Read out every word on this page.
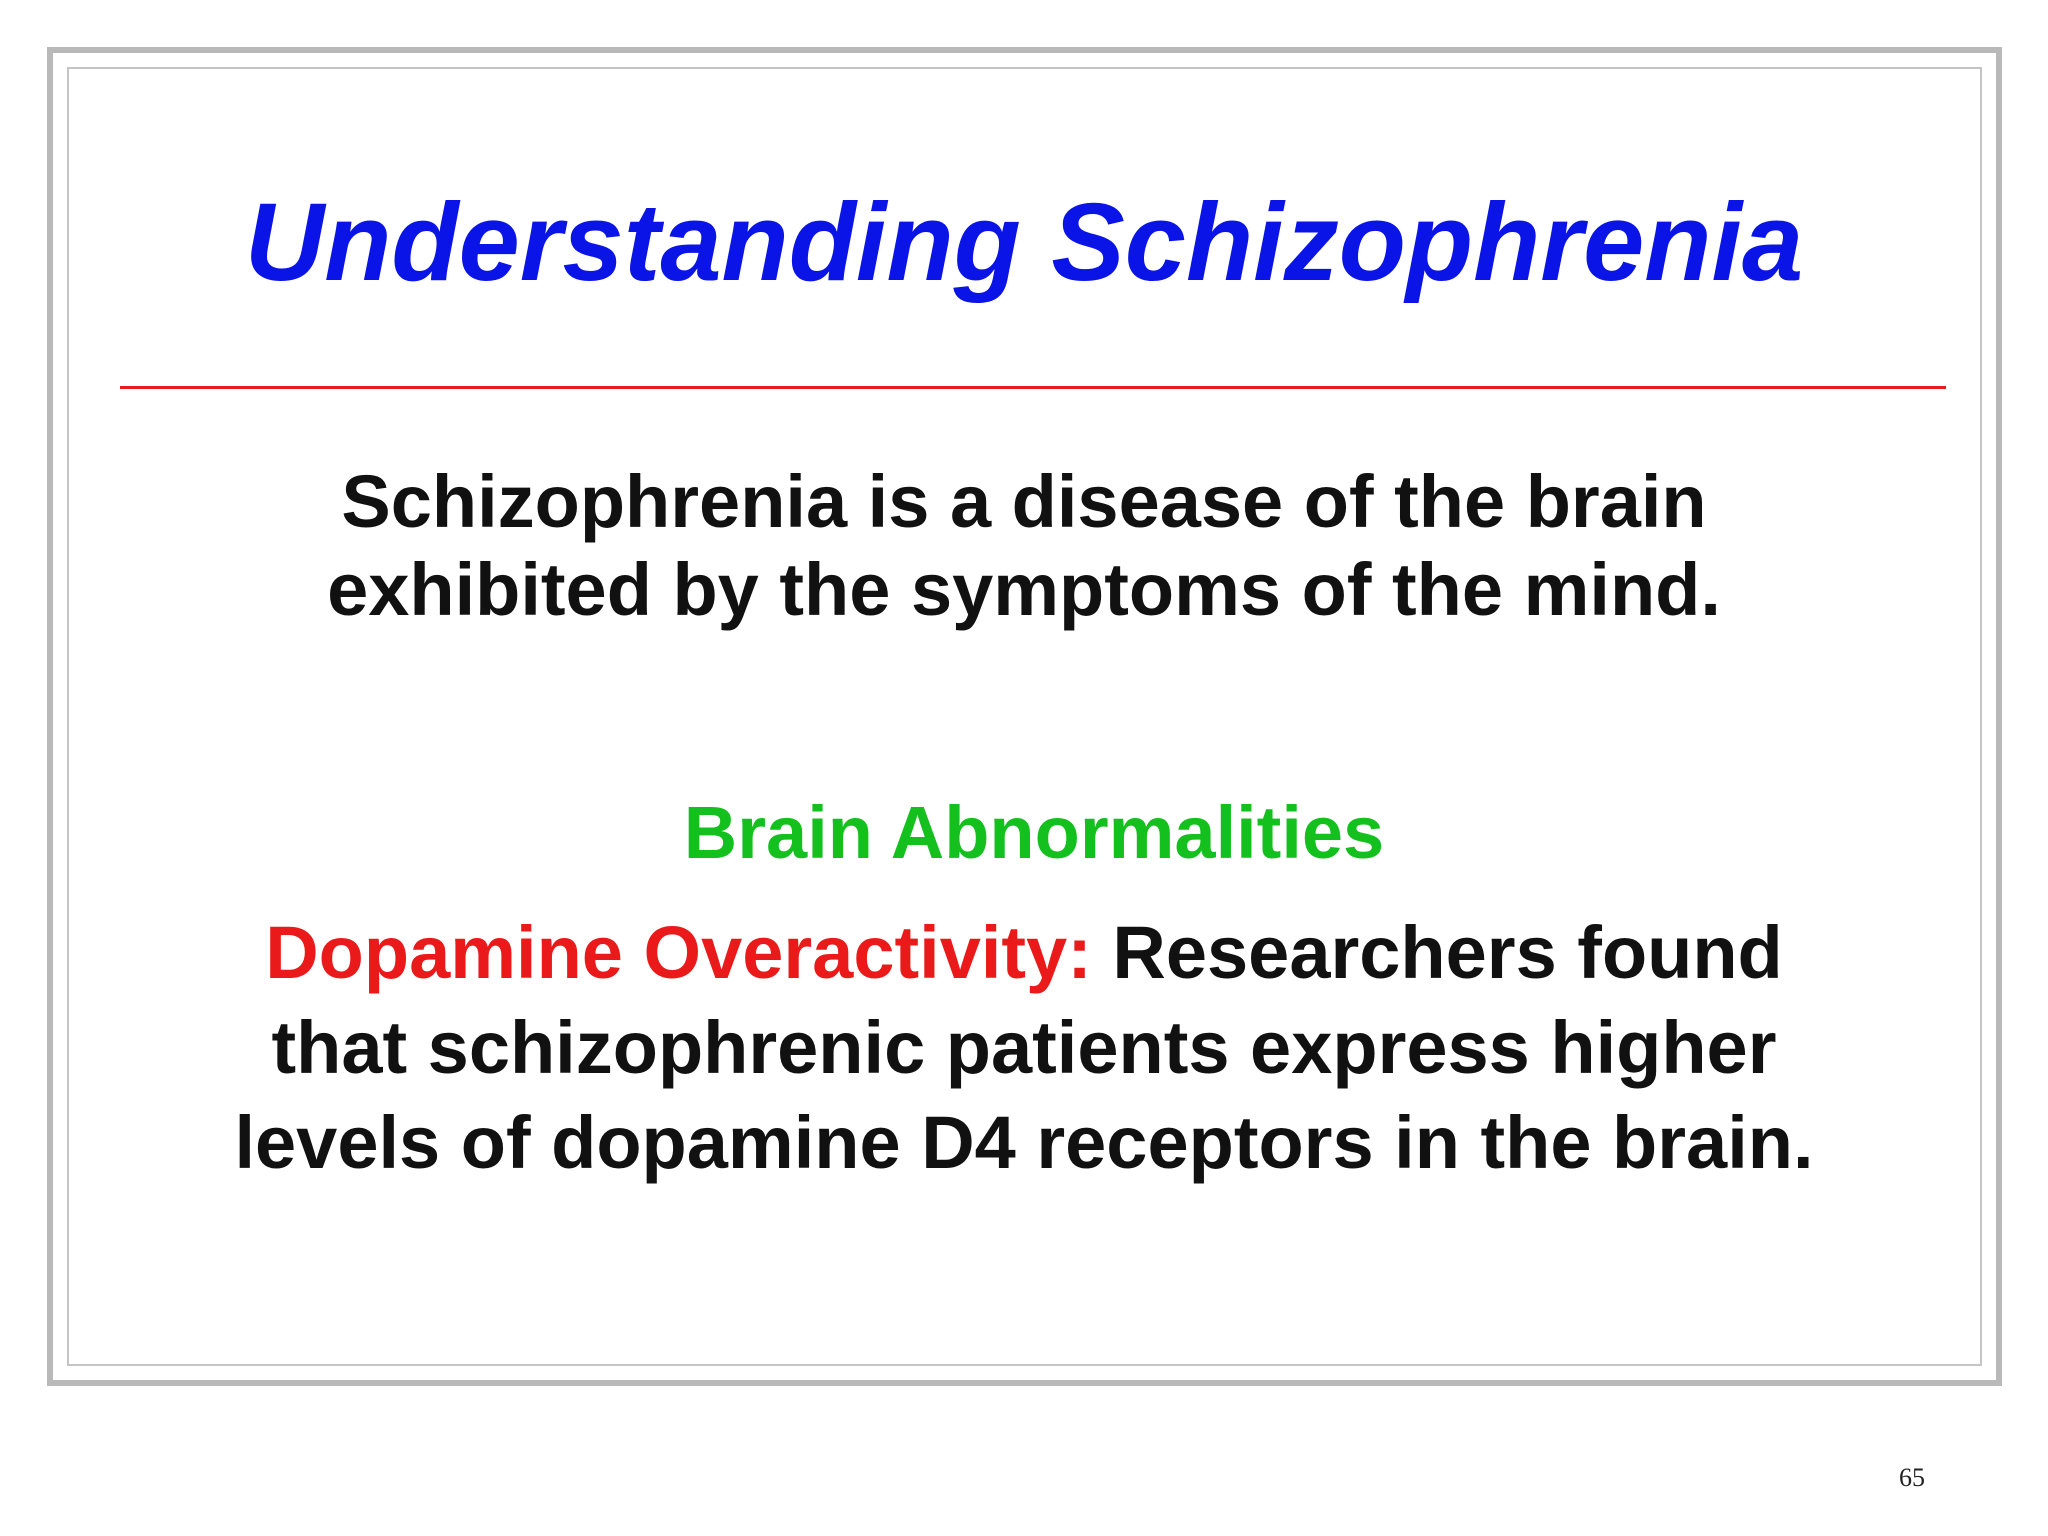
Understanding Schizophrenia

Schizophrenia is a disease of the brain
exhibited by the symptoms of the mind.

Brain Abnormalities

Dopamine Overactivity: Researchers found
that schizophrenic patients express higher
levels of dopamine D4 receptors in the brain.

65
